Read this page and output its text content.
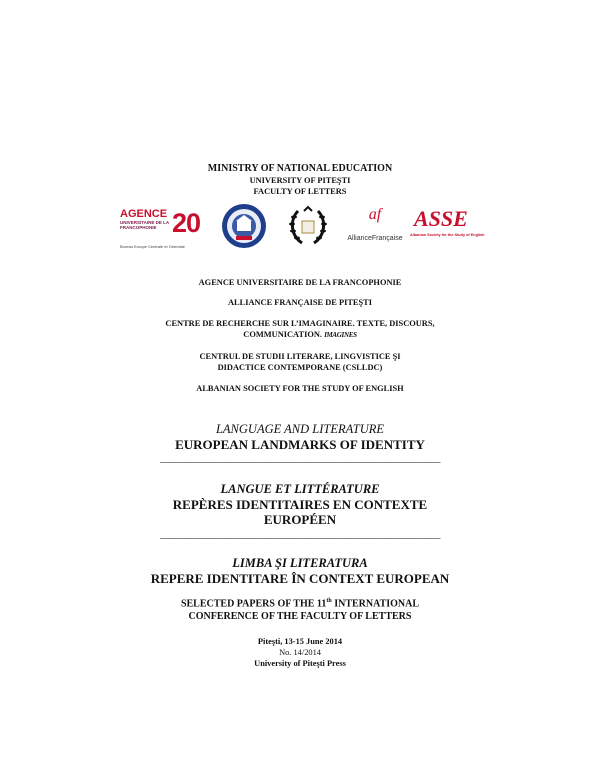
MINISTRY OF NATIONAL EDUCATION
UNIVERSITY OF PITEŞTI
FACULTY OF LETTERS
AGENCE
UNIVERSITAIRE DE LA FRANCOPHONIE
Bureau Europe Centrale et Orientale
20	af
AllianceFrançaise
ASSE
Albanian Society for the Study of English
AGENCE UNIVERSITAIRE DE LA FRANCOPHONIE
ALLIANCE FRANÇAISE DE PITEŞTI
CENTRE DE RECHERCHE SUR L’IMAGINAIRE. TEXTE, DISCOURS,
COMMUNICATION. IMAGINES
CENTRUL DE STUDII LITERARE, LINGVISTICE ŞI
DIDACTICE CONTEMPORANE (CSLLDC)
ALBANIAN SOCIETY FOR THE STUDY OF ENGLISH
LANGUAGE AND LITERATURE
EUROPEAN LANDMARKS OF IDENTITY
________________________________________________________
LANGUE ET LITTÉRATURE
REPÈRES IDENTITAIRES EN CONTEXTE
EUROPÉEN
________________________________________________________
LIMBA ŞI LITERATURA
REPERE IDENTITARE ÎN CONTEXT EUROPEAN
SELECTED PAPERS OF THE 11th INTERNATIONAL
CONFERENCE OF THE FACULTY OF LETTERS
Piteşti, 13-15 June 2014
No. 14/2014
University of Piteşti Press
